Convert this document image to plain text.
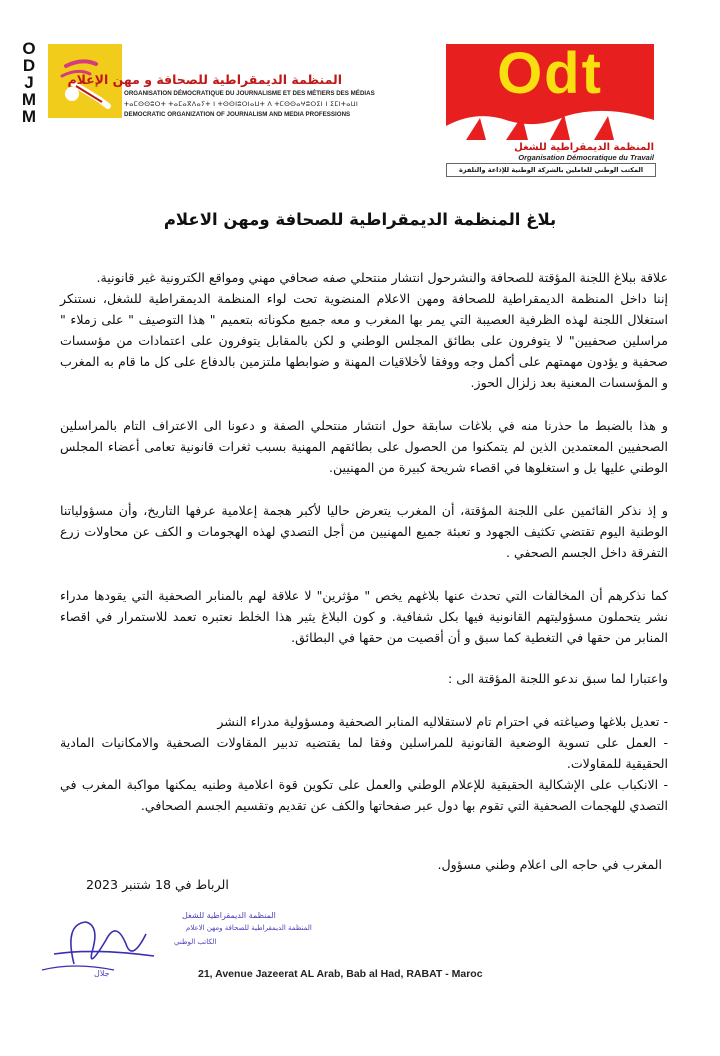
O
D
J
M
M
المنظمة الديمقراطية للصحافة و مهن الإعلام
ORGANISATION DÉMOCRATIQUE DU JOURNALISME ET DES MÉTIERS DES MÉDIAS
ⵜⴰⵎⵙⵙⵓⵔⵜ ⵜⴰⵎⴰⴳⴷⴰⵢⵜ ⵏ ⵜⵙⵙⵏⵓⵔⵏⴰⵡⵜ ⴷ ⵜⵎⵙⵙⴰⵖⵓⵔⵉⵏ ⵏ ⵉⵎⵏⵜⴰⵡⵏ
DEMOCRATIC ORGANIZATION OF JOURNALISM AND MEDIA PROFESSIONS
Odt
المنظمة الديمقراطية للشغل
Organisation Démocratique du Travail
المكتب الوطني للعاملين بالشركة الوطنية للإذاعة والتلفزة
بلاغ المنظمة الديمقراطية للصحافة ومهن الاعلام

علاقة ببلاغ اللجنة المؤقتة للصحافة والنشرحول انتشار منتحلي صفه صحافي مهني ومواقع الكترونية غير قانونية.

إننا داخل المنظمة الديمقراطية للصحافة ومهن الاعلام المنضوية تحت لواء المنظمة الديمقراطية للشغل، نستنكر استغلال اللجنة لهذه الظرفية العصيبة التي يمر بها المغرب و معه جميع مكوناته بتعميم " هذا التوصيف " على زملاء " مراسلين صحفيين" لا يتوفرون على بطائق المجلس الوطني و لكن بالمقابل يتوفرون على اعتمادات من مؤسسات صحفية و يؤدون مهمتهم على أكمل وجه ووفقا لأخلاقيات المهنة و ضوابطها ملتزمين بالدفاع على كل ما قام به المغرب و المؤسسات المعنية بعد زلزال الحوز.

و هذا بالضبط ما حذرنا منه في بلاغات سابقة حول انتشار منتحلي الصفة و دعونا الى الاعتراف التام بالمراسلين الصحفيين المعتمدين الذين لم يتمكنوا من الحصول على بطائقهم المهنية بسبب ثغرات قانونية تعامى أعضاء المجلس الوطني عليها بل و استغلوها في اقصاء شريحة كبيرة من المهنيين.

و إذ نذكر القائمين على اللجنة المؤقتة، أن المغرب يتعرض حاليا لأكبر هجمة إعلامية عرفها التاريخ، وأن مسؤولياتنا الوطنية اليوم تقتضي تكثيف الجهود و تعبئة جميع المهنيين من أجل التصدي لهذه الهجومات و الكف عن محاولات زرع التفرقة داخل الجسم الصحفي .

كما نذكرهم أن المخالفات التي تحدث عنها بلاغهم يخص " مؤثرين" لا علاقة لهم بالمنابر الصحفية التي يقودها مدراء نشر يتحملون مسؤوليتهم القانونية فيها بكل شفافية. و كون البلاغ يثير هذا الخلط نعتبره تعمد للاستمرار في اقصاء المنابر من حقها في التغطية كما سبق و أن أقصيت من حقها في البطائق.

واعتبارا لما سبق ندعو اللجنة المؤقتة الى :

- تعديل بلاغها وصياغته في احترام تام لاستقلاليه المنابر الصحفية ومسؤولية مدراء النشر
- العمل على تسوية الوضعية القانونية للمراسلين وفقا لما يقتضيه تدبير المقاولات الصحفية والامكانيات المادية الحقيقية للمقاولات.
- الانكباب على الإشكالية الحقيقية للإعلام الوطني والعمل على تكوين قوة اعلامية وطنيه يمكنها مواكبة المغرب في التصدي للهجمات الصحفية التي تقوم بها دول عبر صفحاتها والكف عن تقديم وتقسيم الجسم الصحافي.
المغرب في حاجه الى اعلام وطني مسؤول.
الرباط في 18 شتنبر 2023
المنظمة الديمقراطية للشغل
المنظمة الديمقراطية للصحافة ومهن الاعلام
الكاتب الوطني
جلال	21, Avenue Jazeerat AL Arab, Bab al Had, RABAT - Maroc
